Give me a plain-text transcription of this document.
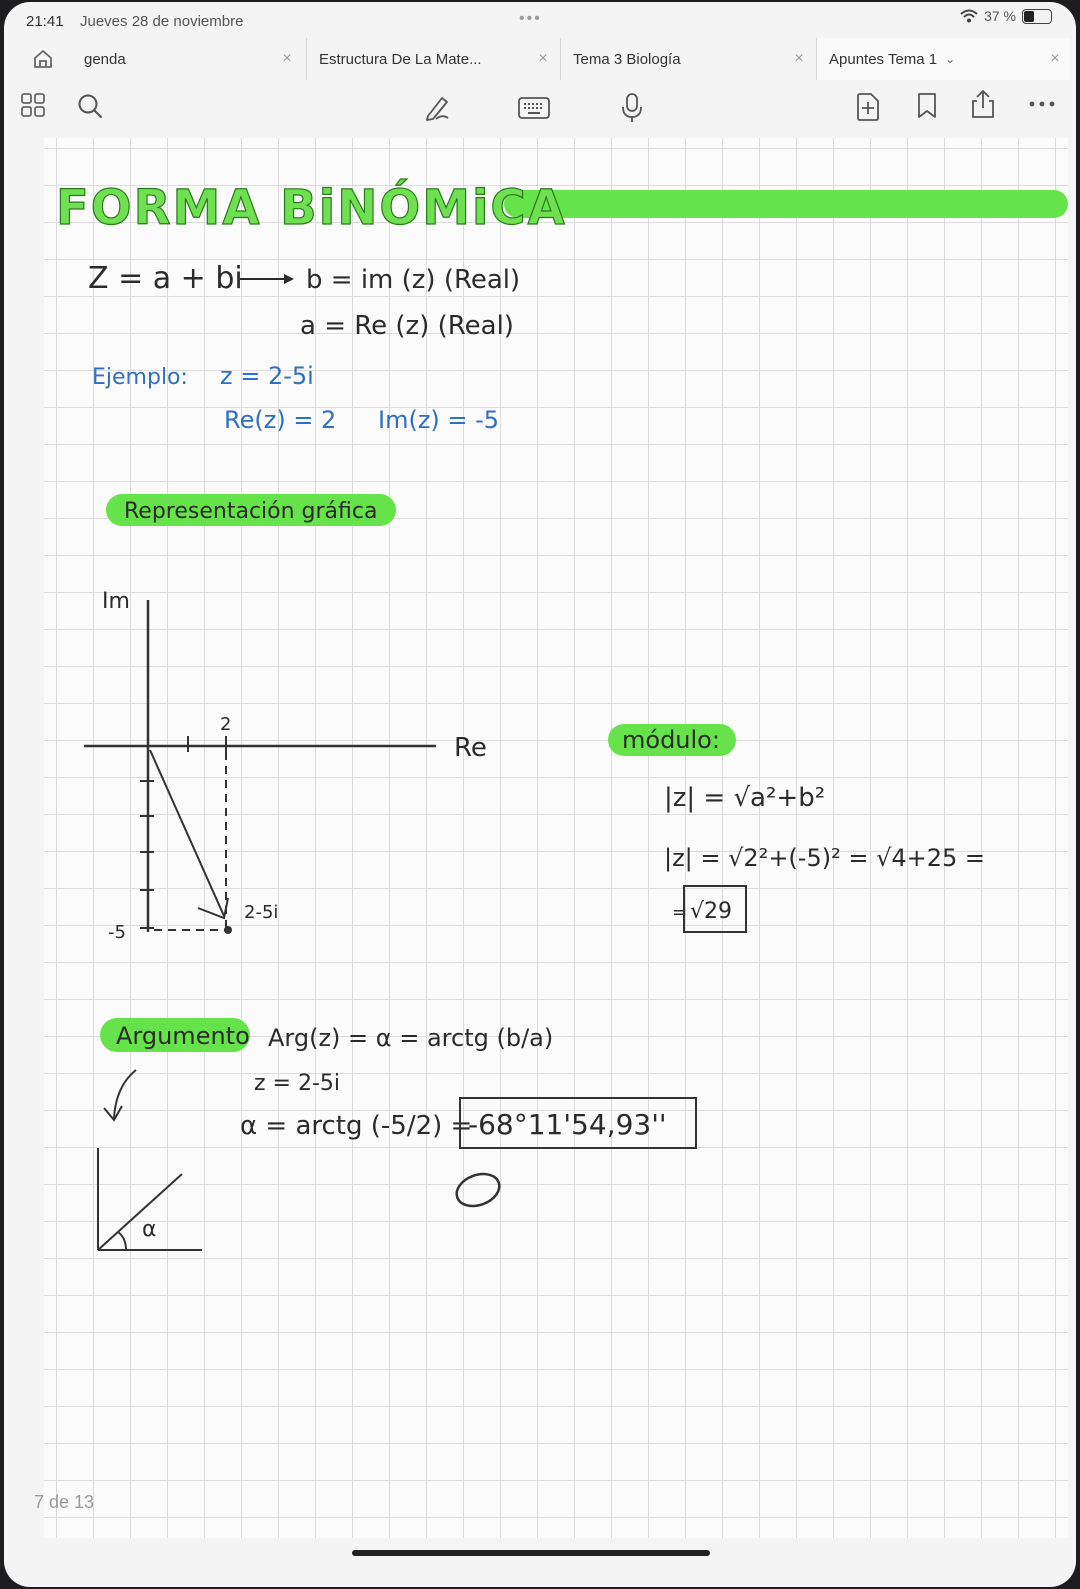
21:41 Jueves 28 de noviembre	•••	37 %
genda	×	Estructura De La Mate...	×	Tema 3 Biología	×	Apuntes Tema 1 ⌄	×
FORMA BiNÓMiCA
Z = a + bi b = im (z) (Real)
a = Re (z) (Real)
Ejemplo: z = 2-5i
Re(z) = 2 Im(z) = -5
Representación gráfica
Im
Re
2
-5
2-5i
módulo:
|z| = √a²+b²
|z| = √2²+(-5)² = √4+25 =
= √29
Argumento Arg(z) = α = arctg (b/a)
z = 2-5i
α = arctg (-5/2) =
-68°11'54,93''
α
7 de 13
